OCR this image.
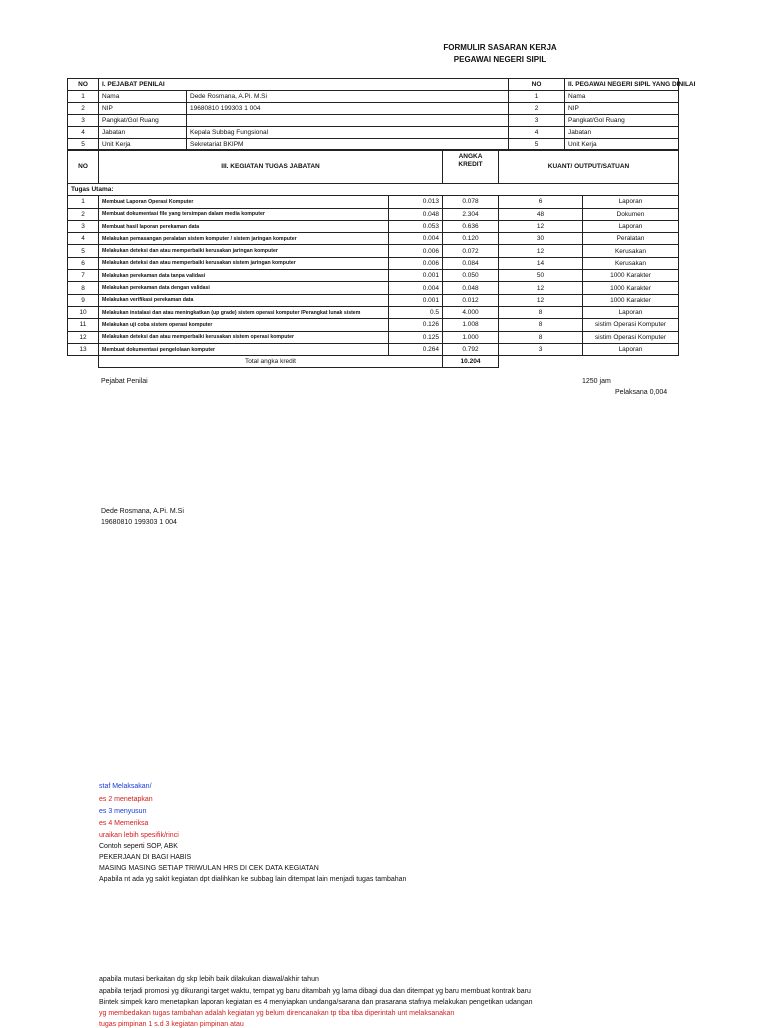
FORMULIR SASARAN KERJA
PEGAWAI NEGERI SIPIL
NO	I. PEJABAT PENILAI		NO	II. PEGAWAI NEGERI SIPIL YANG DINILAI
1	Nama	Dede Rosmana, A.Pi. M.Si	1	Nama
2	NIP	19680810 199303 1 004	2	NIP
3	Pangkat/Gol Ruang		3	Pangkat/Gol Ruang
4	Jabatan	Kepala Subbag Fungsional	4	Jabatan
5	Unit Kerja	Sekretariat BKIPM	5	Unit Kerja
NO	III. KEGIATAN TUGAS JABATAN		ANGKA KREDIT	KUANT/ OUTPUT/SATUAN	
Tugas Utama:					
1	Membuat Laporan Operasi Komputer	0.013	0.078	6	Laporan
2	Membuat dokumentasi file yang tersimpan dalam media komputer	0.048	2.304	48	Dokumen
3	Membuat hasil laporan perekaman data	0.053	0.636	12	Laporan
4	Melakukan pemasangan peralatan sistem komputer / sistem jaringan komputer	0.004	0.120	30	Peralatan
5	Melakukan deteksi dan atau memperbaiki kerusakan jaringan komputer	0.006	0.072	12	Kerusakan
6	Melakukan deteksi dan atau memperbaiki kerusakan sistem jaringan komputer	0.006	0.084	14	Kerusakan
7	Melakukan perekaman data tanpa validasi	0.001	0.050	50	1000 Karakter
8	Melakukan perekaman data dengan validasi	0.004	0.048	12	1000 Karakter
9	Melakukan verifikasi perekaman data	0.001	0.012	12	1000 Karakter
10	Melakukan instalasi dan atau meningkatkan (up grade) sistem operasi komputer /Perangkat lunak sistem	0.5	4.000	8	Laporan
11	Melakukan uji coba sistem operasi komputer	0.126	1.008	8	sistim Operasi Komputer
12	Melakukan deteksi dan atau memperbaiki kerusakan sistem operasi komputer	0.125	1.000	8	sistim Operasi Komputer
13	Membuat dokumentasi pengelolaan komputer	0.264	0.792	3	Laporan
	Total angka kredit		10.204		
Pejabat Penilai	1250 jam
Pelaksana 0,004
Dede Rosmana, A.Pi. M.Si
19680810 199303 1 004
staf Melaksakan/
es 2 menetapkan
es 3 menyusun
es 4 Memeriksa
uraikan lebih spesifik/rinci
Contoh seperti SOP, ABK
PEKERJAAN DI BAGI HABIS
MASING MASING SETIAP TRIWULAN HRS DI CEK DATA KEGIATAN
Apabila nt ada yg sakit kegiatan dpt dialihkan ke subbag lain ditempat lain menjadi tugas tambahan
apabila mutasi berkaitan dg skp lebih baik dilakukan diawal/akhir tahun
apabila terjadi promosi yg dikurangi target waktu, tempat yg baru ditambah yg lama dibagi dua dan ditempat yg baru membuat kontrak baru
Bintek simpek karo menetapkan laporan kegiatan es 4 menyiapkan undanga/sarana dan prasarana stafnya melakukan pengetikan udangan
yg membedakan tugas tambahan adalah kegiatan yg belum direncanakan tp tiba tiba diperintah unt melaksanakan
tugas pimpinan 1 s.d 3 kegiatan pimpinan atau
